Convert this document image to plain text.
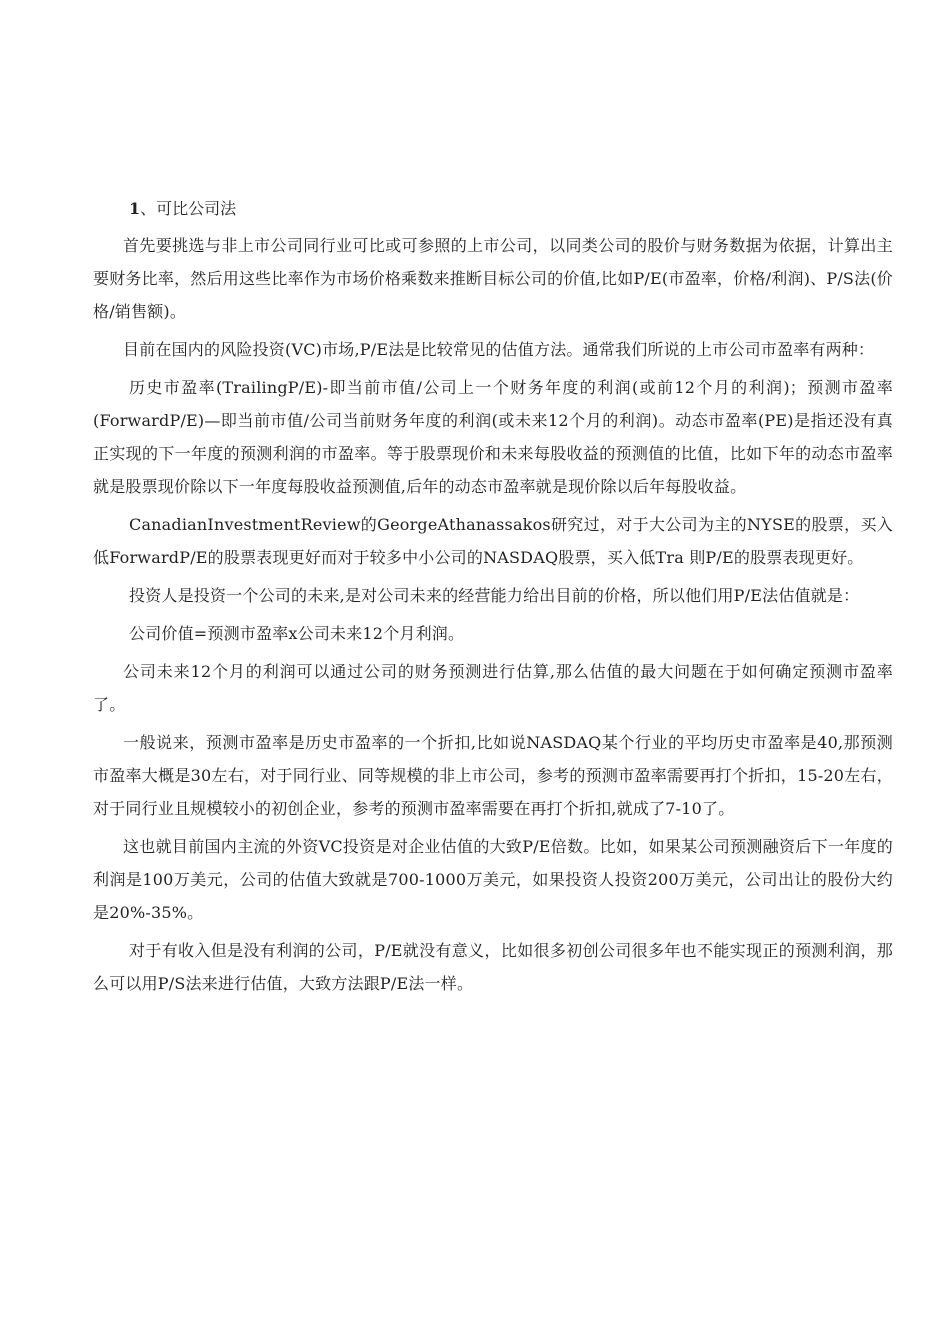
1、可比公司法

首先要挑选与非上市公司同行业可比或可参照的上市公司，以同类公司的股价与财务数据为依据，计算出主要财务比率，然后用这些比率作为市场价格乘数来推断目标公司的价值,比如P/E(市盈率，价格/利润)、P/S法(价格/销售额)。

目前在国内的风险投资(VC)市场,P/E法是比较常见的估值方法。通常我们所说的上市公司市盈率有两种：

历史市盈率(TrailingP/E)-即当前市值/公司上一个财务年度的利润(或前12个月的利润)；预测市盈率(ForwardP/E)—即当前市值/公司当前财务年度的利润(或未来12个月的利润)。动态市盈率(PE)是指还没有真正实现的下一年度的预测利润的市盈率。等于股票现价和未来每股收益的预测值的比值，比如下年的动态市盈率就是股票现价除以下一年度每股收益预测值,后年的动态市盈率就是现价除以后年每股收益。

CanadianInvestmentReview的GeorgeAthanassakos研究过，对于大公司为主的NYSE的股票，买入低ForwardP/E的股票表现更好而对于较多中小公司的NASDAQ股票，买入低Tra 則P/E的股票表现更好。

投资人是投资一个公司的未来,是对公司未来的经营能力给出目前的价格，所以他们用P/E法估值就是：

公司价值=预测市盈率x公司未来12个月利润。

公司未来12个月的利润可以通过公司的财务预测进行估算,那么估值的最大问题在于如何确定预测市盈率了。

一般说来，预测市盈率是历史市盈率的一个折扣,比如说NASDAQ某个行业的平均历史市盈率是40,那预测市盈率大概是30左右，对于同行业、同等规模的非上市公司，参考的预测市盈率需要再打个折扣，15-20左右，对于同行业且规模较小的初创企业，参考的预测市盈率需要在再打个折扣,就成了7-10了。

这也就目前国内主流的外资VC投资是对企业估值的大致P/E倍数。比如，如果某公司预测融资后下一年度的利润是100万美元，公司的估值大致就是700-1000万美元，如果投资人投资200万美元，公司出让的股份大约是20%-35%。

对于有收入但是没有利润的公司，P/E就没有意义，比如很多初创公司很多年也不能实现正的预测利润，那么可以用P/S法来进行估值，大致方法跟P/E法一样。
